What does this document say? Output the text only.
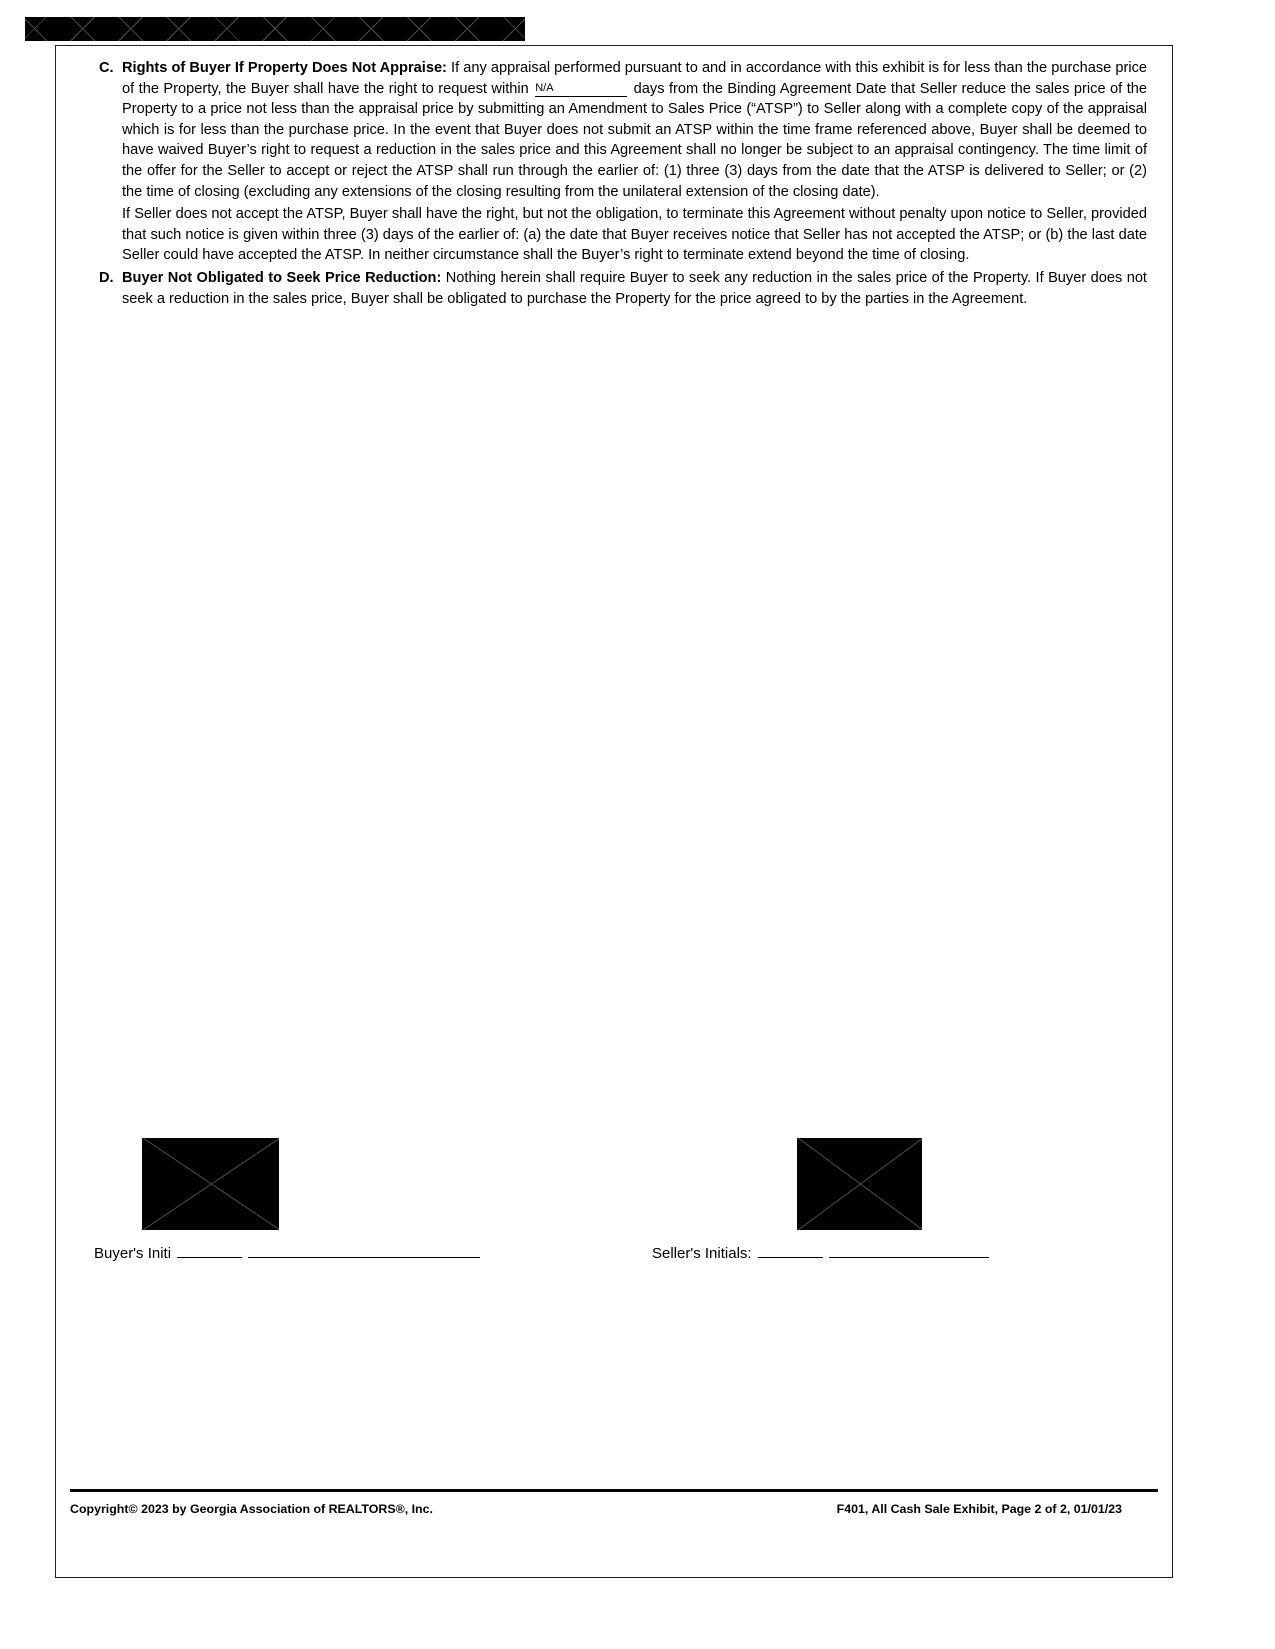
C. Rights of Buyer If Property Does Not Appraise: If any appraisal performed pursuant to and in accordance with this exhibit is for less than the purchase price of the Property, the Buyer shall have the right to request within N/A	days from the Binding Agreement Date that Seller reduce the sales price of the Property to a price not less than the appraisal price by submitting an Amendment to Sales Price (“ATSP”) to Seller along with a complete copy of the appraisal which is for less than the purchase price. In the event that Buyer does not submit an ATSP within the time frame referenced above, Buyer shall be deemed to have waived Buyer’s right to request a reduction in the sales price and this Agreement shall no longer be subject to an appraisal contingency. The time limit of the offer for the Seller to accept or reject the ATSP shall run through the earlier of: (1) three (3) days from the date that the ATSP is delivered to Seller; or (2) the time of closing (excluding any extensions of the closing resulting from the unilateral extension of the closing date).
If Seller does not accept the ATSP, Buyer shall have the right, but not the obligation, to terminate this Agreement without penalty upon notice to Seller, provided that such notice is given within three (3) days of the earlier of: (a) the date that Buyer receives notice that Seller has not accepted the ATSP; or (b) the last date Seller could have accepted the ATSP. In neither circumstance shall the Buyer’s right to terminate extend beyond the time of closing.
D. Buyer Not Obligated to Seek Price Reduction: Nothing herein shall require Buyer to seek any reduction in the sales price of the Property. If Buyer does not seek a reduction in the sales price, Buyer shall be obligated to purchase the Property for the price agreed to by the parties in the Agreement.
Buyer's Initi	Seller's Initials:
Copyright© 2023 by Georgia Association of REALTORS®, Inc.	F401, All Cash Sale Exhibit, Page 2 of 2, 01/01/23
